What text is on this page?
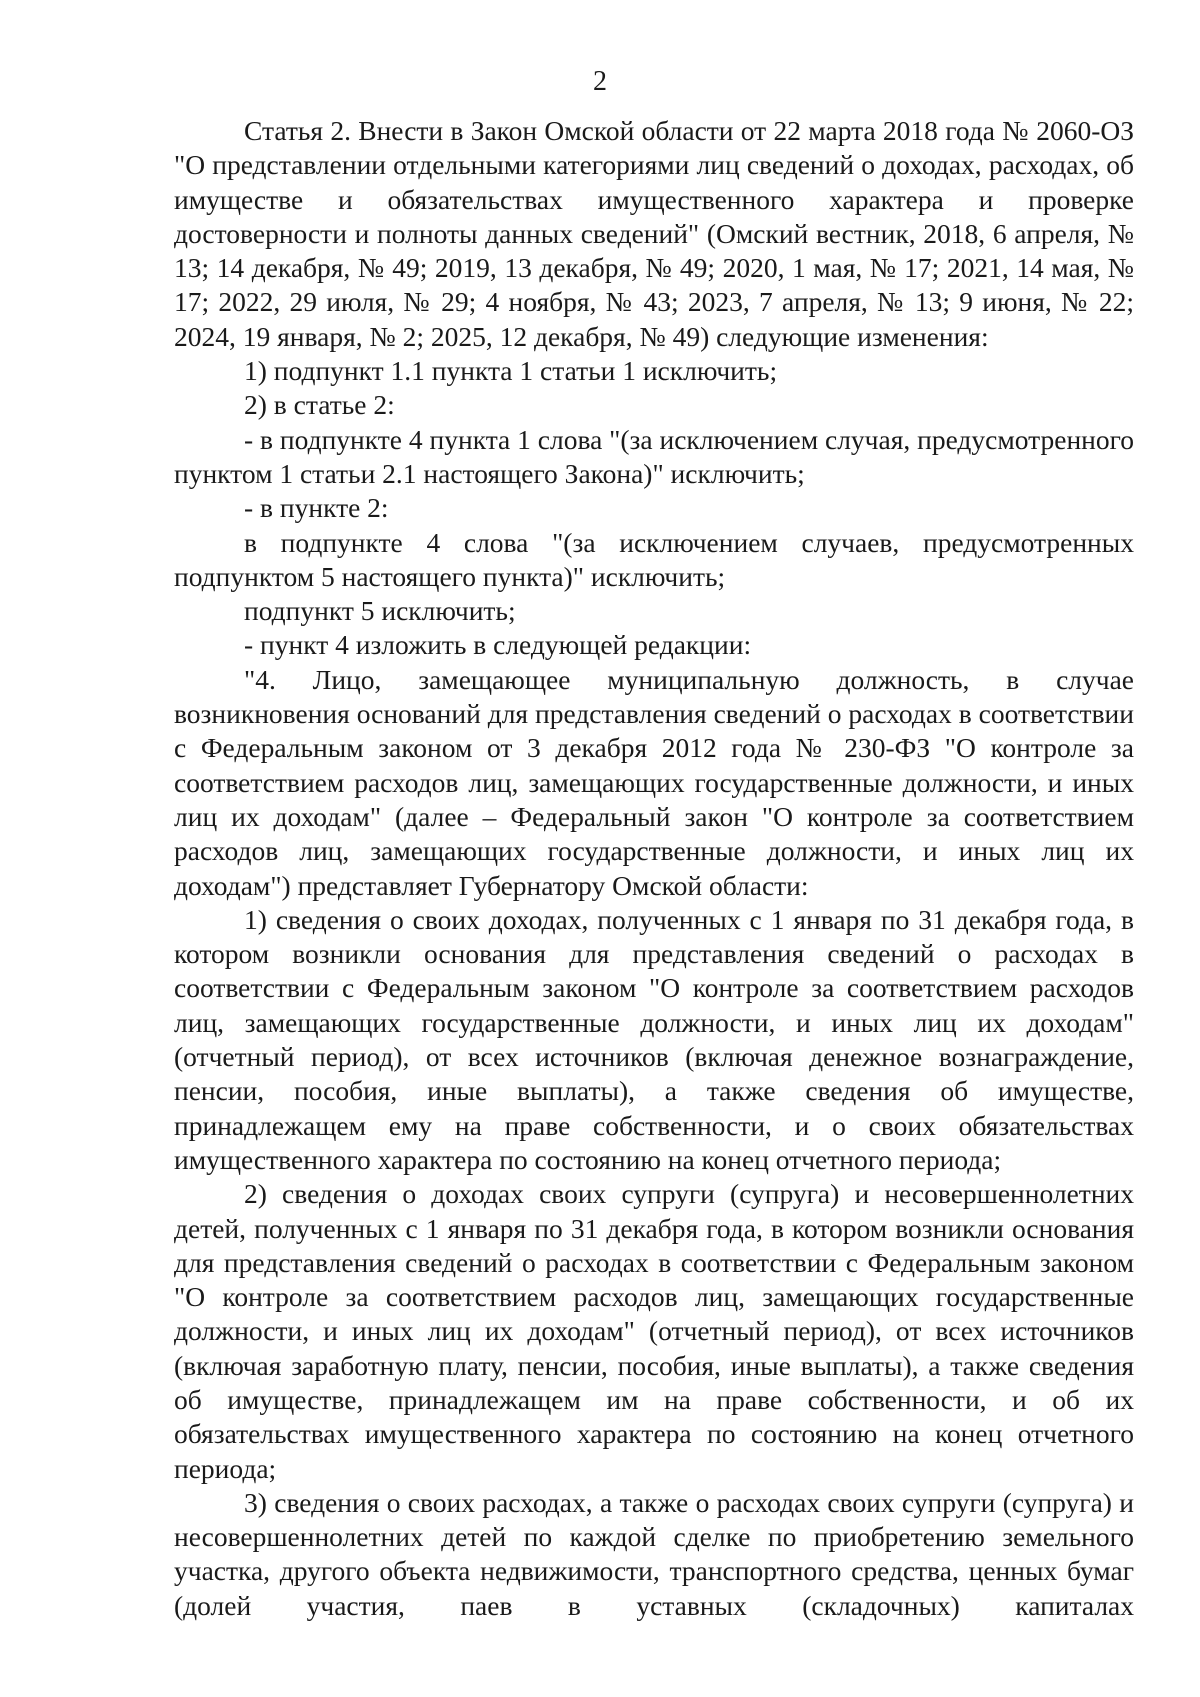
2

Статья 2. Внести в Закон Омской области от 22 марта 2018 года № 2060-ОЗ "О представлении отдельными категориями лиц сведений о доходах, расходах, об имуществе и обязательствах имущественного характера и проверке достоверности и полноты данных сведений" (Омский вестник, 2018, 6 апреля, № 13; 14 декабря, № 49; 2019, 13 декабря, № 49; 2020, 1 мая, № 17; 2021, 14 мая, № 17; 2022, 29 июля, № 29; 4 ноября, № 43; 2023, 7 апреля, № 13; 9 июня, № 22; 2024, 19 января, № 2; 2025, 12 декабря, № 49) следующие изменения:

1) подпункт 1.1 пункта 1 статьи 1 исключить;

2) в статье 2:

- в подпункте 4 пункта 1 слова "(за исключением случая, предусмотренного пунктом 1 статьи 2.1 настоящего Закона)" исключить;

- в пункте 2:

в подпункте 4 слова "(за исключением случаев, предусмотренных подпунктом 5 настоящего пункта)" исключить;

подпункт 5 исключить;

- пункт 4 изложить в следующей редакции:

"4. Лицо, замещающее муниципальную должность, в случае возникновения оснований для представления сведений о расходах в соответствии с Федеральным законом от 3 декабря 2012 года № 230-ФЗ "О контроле за соответствием расходов лиц, замещающих государственные должности, и иных лиц их доходам" (далее – Федеральный закон "О контроле за соответствием расходов лиц, замещающих государственные должности, и иных лиц их доходам") представляет Губернатору Омской области:

1) сведения о своих доходах, полученных с 1 января по 31 декабря года, в котором возникли основания для представления сведений о расходах в соответствии с Федеральным законом "О контроле за соответствием расходов лиц, замещающих государственные должности, и иных лиц их доходам" (отчетный период), от всех источников (включая денежное вознаграждение, пенсии, пособия, иные выплаты), а также сведения об имуществе, принадлежащем ему на праве собственности, и о своих обязательствах имущественного характера по состоянию на конец отчетного периода;

2) сведения о доходах своих супруги (супруга) и несовершеннолетних детей, полученных с 1 января по 31 декабря года, в котором возникли основания для представления сведений о расходах в соответствии с Федеральным законом "О контроле за соответствием расходов лиц, замещающих государственные должности, и иных лиц их доходам" (отчетный период), от всех источников (включая заработную плату, пенсии, пособия, иные выплаты), а также сведения об имуществе, принадлежащем им на праве собственности, и об их обязательствах имущественного характера по состоянию на конец отчетного периода;

3) сведения о своих расходах, а также о расходах своих супруги (супруга) и несовершеннолетних детей по каждой сделке по приобретению земельного участка, другого объекта недвижимости, транспортного средства, ценных бумаг (долей участия, паев в уставных (складочных) капиталах
